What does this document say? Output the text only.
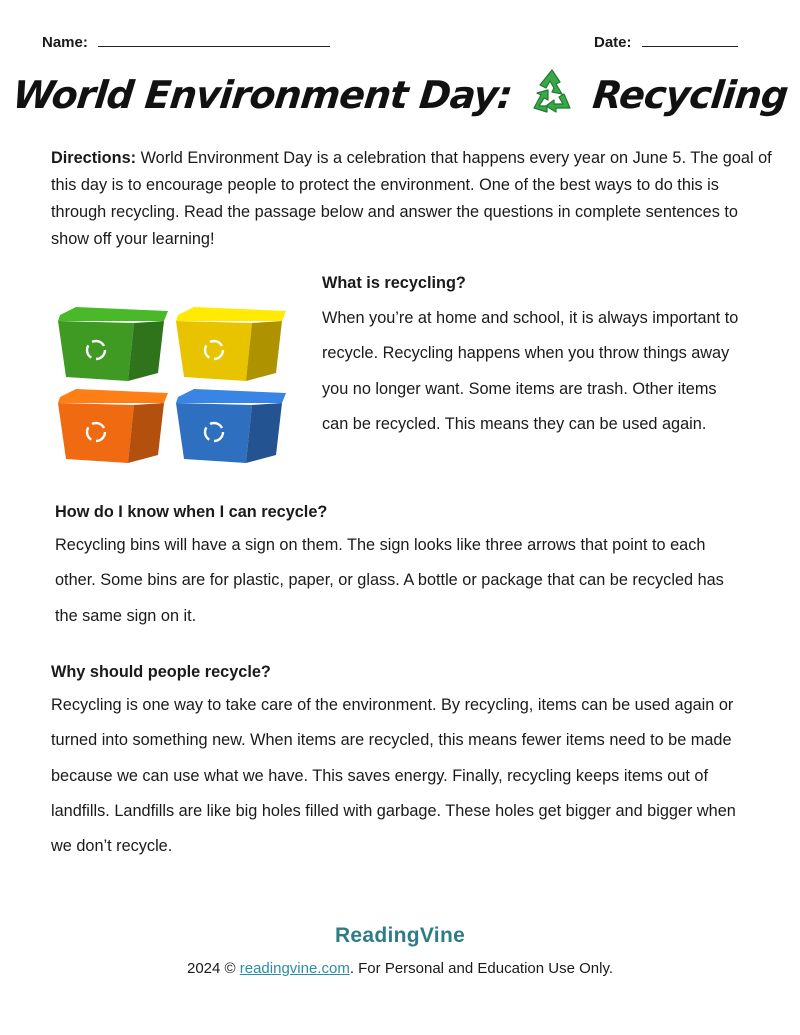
Name:	Date:
World Environment Day: Recycling
Directions: World Environment Day is a celebration that happens every year on June 5. The goal of this day is to encourage people to protect the environment. One of the best ways to do this is through recycling. Read the passage below and answer the questions in complete sentences to show off your learning!
What is recycling?
When you’re at home and school, it is always important to recycle. Recycling happens when you throw things away you no longer want. Some items are trash. Other items can be recycled. This means they can be used again.
How do I know when I can recycle?
Recycling bins will have a sign on them. The sign looks like three arrows that point to each other. Some bins are for plastic, paper, or glass. A bottle or package that can be recycled has the same sign on it.
Why should people recycle?
Recycling is one way to take care of the environment. By recycling, items can be used again or turned into something new. When items are recycled, this means fewer items need to be made because we can use what we have. This saves energy. Finally, recycling keeps items out of landfills. Landfills are like big holes filled with garbage. These holes get bigger and bigger when we don’t recycle.
ReadingVine
2024 © readingvine.com. For Personal and Education Use Only.
